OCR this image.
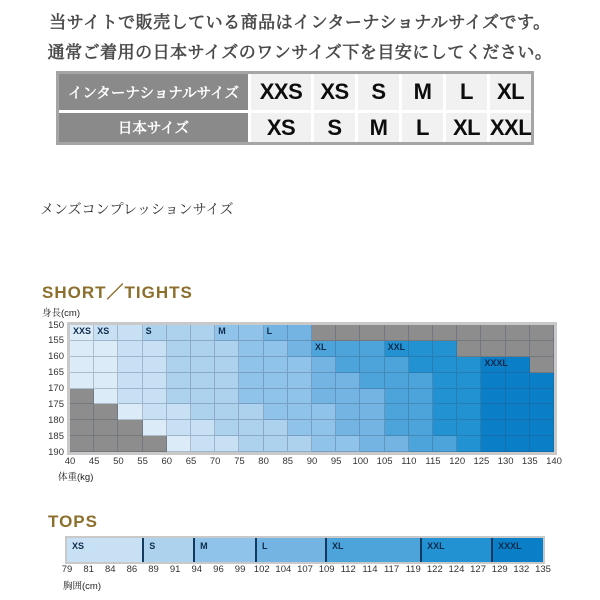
当サイトで販売している商品はインターナショナルサイズです。
通常ご着用の日本サイズのワンサイズ下を目安にしてください。
インターナショナルサイズ XXS XS	S	M	L	XL
日本サイズ	XS	S	M	L	XL XXL
メンズコンプレッションサイズ
SHORT／TIGHTS
身長(cm)
150
155
160
165
170
175
180
185
190
XXS XS	S	M	L
XL	XXL
XXXL
40	45	50	55	60	65	70	75	80	85	90	95	100 105 110 115 120 125 130 135 140
体重(kg)
TOPS
XS	S	M	L	XL	XXL	XXXL
79	81	84	86	89	91	94	96	99 102 104 107 109 112 114 117 119 122 124 127 129 132 135
胸囲(cm)
